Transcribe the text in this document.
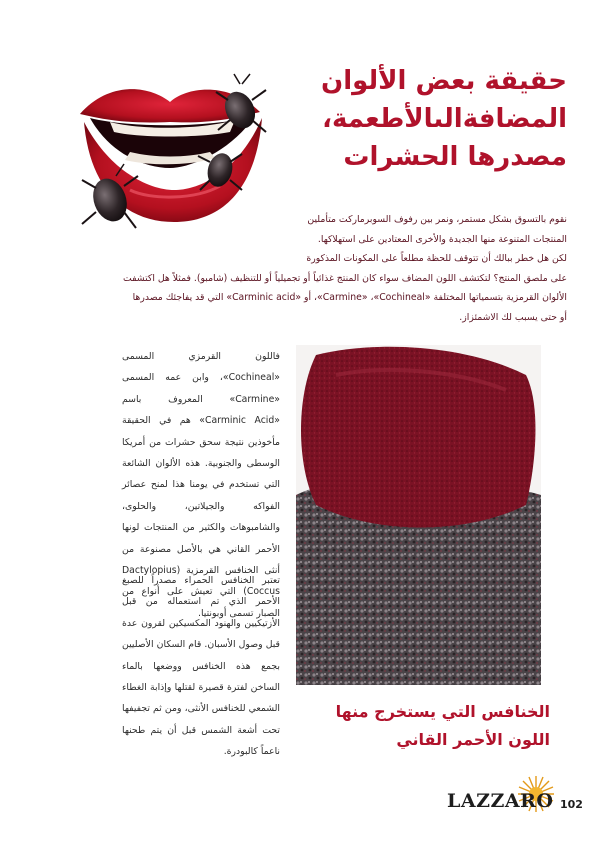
حقيقة بعض الألوان
المضافةالىالأطعمة،
مصدرها الحشرات

نقوم بالتسوق بشكل مستمر، ونمر بين رفوف السوبرماركت متأملين

المنتجات المتنوعة منها الجديدة والأخرى المعتادين على استهلاكها.

لكن هل خطر ببالك أن تتوقف للحظة مطلعاً على المكونات المذكورة

على ملصق المنتج؟ لتكتشف اللون المضاف سواء كان المنتج غذائياً أو تجميلياً أو للتنظيف (شامبو). فمثلاً هل اكتشفت

الألوان القرمزية بتسمياتها المختلفة «Carmine» ،«Cochineal»، أو «Carminic acid» التي قد يفاجئك مصدرها

أو حتى يسبب لك الاشمئزاز.

فاللون القرمزي المسمى «Cochineal»، وابن عمه المسمى «Carmine» المعروف باسم «Carminic Acid» هم في الحقيقة مأخوذين نتيجة سحق حشرات من أمريكا الوسطى والجنوبية. هذه الألوان الشائعة التي تستخدم في يومنا هذا لمنح عصائر الفواكه والجيلاتين، والحلوى، والشامبوهات والكثير من المنتجات لونها الأحمر القاني هي بالأصل مصنوعة من أنثى الخنافس القرمزية (Dactylopius Coccus) التي تعيش على أنواع من الصبار تسمى أوبونتيا.
تعتبر الخنافس الحمراء مصدراً للصبغ الأحمر الذي تم استعماله من قبل الأزتيكيين والهنود المكسيكين لقرون عدة قبل وصول الأسبان. قام السكان الأصليين بجمع هذه الخنافس ووضعها بالماء الساخن لفترة قصيرة لقتلها وإذابة الغطاء الشمعي للخنافس الأنثى، ومن ثم تجفيفها تحت أشعة الشمس قبل أن يتم طحنها ناعماً كالبودرة.
الخنافس التي يستخرج منها
اللون الأحمر القاني
LAZZARO 102
